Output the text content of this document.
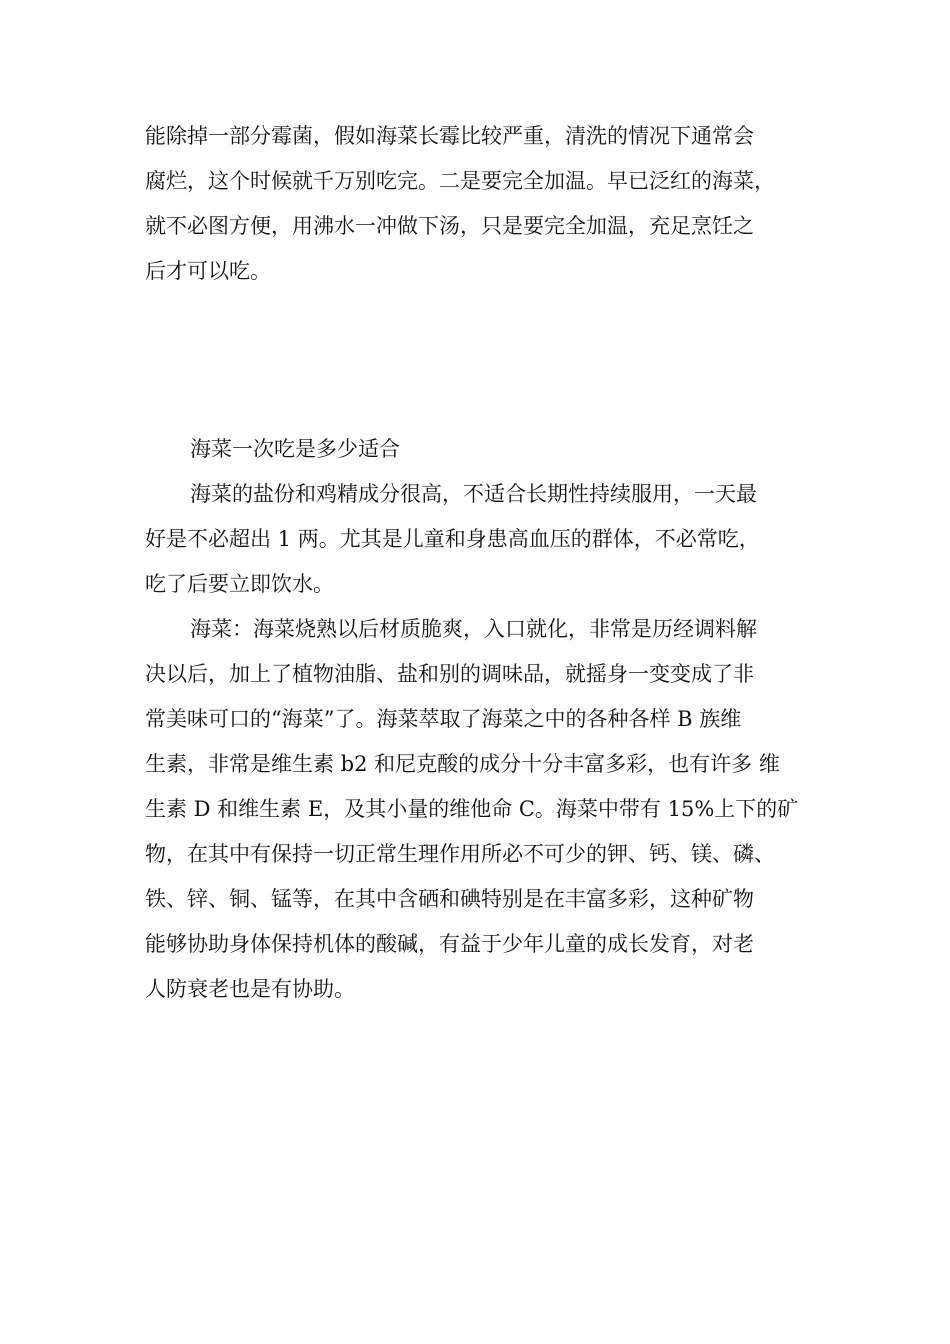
能除掉一部分霉菌，假如海菜长霉比较严重，清洗的情况下通常会
腐烂，这个时候就千万别吃完。二是要完全加温。早已泛红的海菜，
就不必图方便，用沸水一冲做下汤，只是要完全加温，充足烹饪之
后才可以吃。
海菜一次吃是多少适合
海菜的盐份和鸡精成分很高，不适合长期性持续服用，一天最
好是不必超出 1 两。尤其是儿童和身患高血压的群体，不必常吃，
吃了后要立即饮水。
海菜：海菜烧熟以后材质脆爽，入口就化，非常是历经调料解
决以后，加上了植物油脂、盐和别的调味品，就摇身一变变成了非
常美味可口的“海菜”了。海菜萃取了海菜之中的各种各样 B 族维
生素，非常是维生素 b2 和尼克酸的成分十分丰富多彩，也有许多 维
生素 D 和维生素 E，及其小量的维他命 C。海菜中带有 15%上下的矿
物，在其中有保持一切正常生理作用所必不可少的钾、钙、镁、磷、
铁、锌、铜、锰等，在其中含硒和碘特别是在丰富多彩，这种矿物
能够协助身体保持机体的酸碱，有益于少年儿童的成长发育，对老
人防衰老也是有协助。
